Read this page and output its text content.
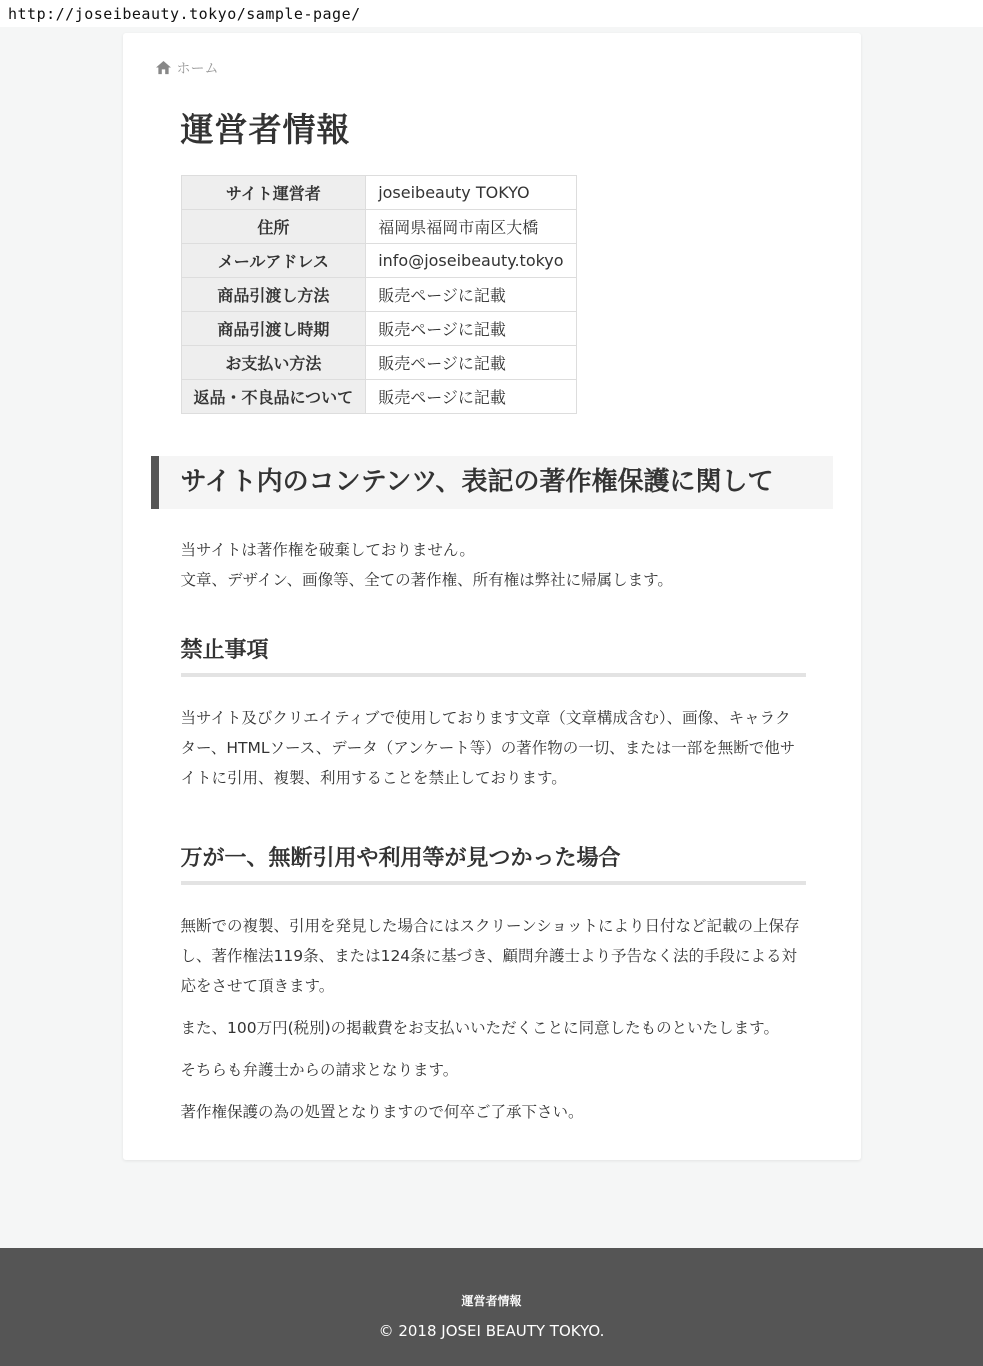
http://joseibeauty.tokyo/sample-page/
ホーム
運営者情報
サイト運営者	joseibeauty TOKYO
住所	福岡県福岡市南区大橋
メールアドレス	info@joseibeauty.tokyo
商品引渡し方法	販売ページに記載
商品引渡し時期	販売ページに記載
お支払い方法	販売ページに記載
返品・不良品について	販売ページに記載
サイト内のコンテンツ、表記の著作権保護に関して

当サイトは著作権を破棄しておりません。
文章、デザイン、画像等、全ての著作権、所有権は弊社に帰属します。

禁止事項

当サイト及びクリエイティブで使用しております文章（文章構成含む）、画像、キャラクター、HTMLソース、データ（アンケート等）の著作物の一切、または一部を無断で他サイトに引用、複製、利用することを禁止しております。

万が一、無断引用や利用等が見つかった場合

無断での複製、引用を発見した場合にはスクリーンショットにより日付など記載の上保存し、著作権法119条、または124条に基づき、顧問弁護士より予告なく法的手段による対応をさせて頂きます。

また、100万円(税別)の掲載費をお支払いいただくことに同意したものといたします。

そちらも弁護士からの請求となります。

著作権保護の為の処置となりますので何卒ご了承下さい。

運営者情報
© 2018 JOSEI BEAUTY TOKYO.
